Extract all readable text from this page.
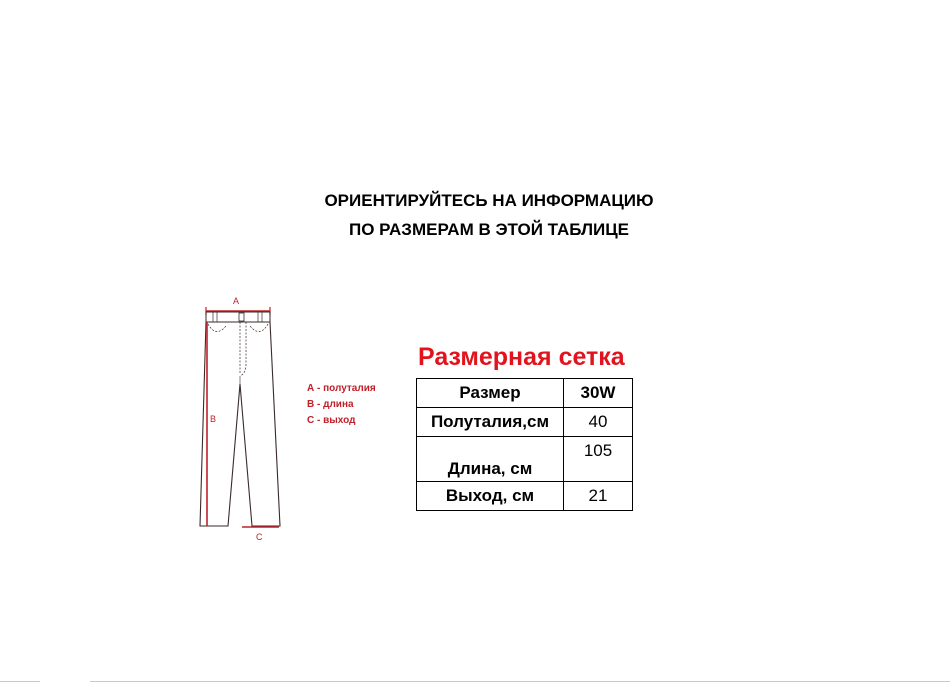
ОРИЕНТИРУЙТЕСЬ НА ИНФОРМАЦИЮ
ПО РАЗМЕРАМ В ЭТОЙ ТАБЛИЦЕ
A
B
C
А - полуталия
В - длина
С - выход
Размерная сетка
Размер	30W
Полуталия,см	40
Длина, см	105
Выход, см	21
